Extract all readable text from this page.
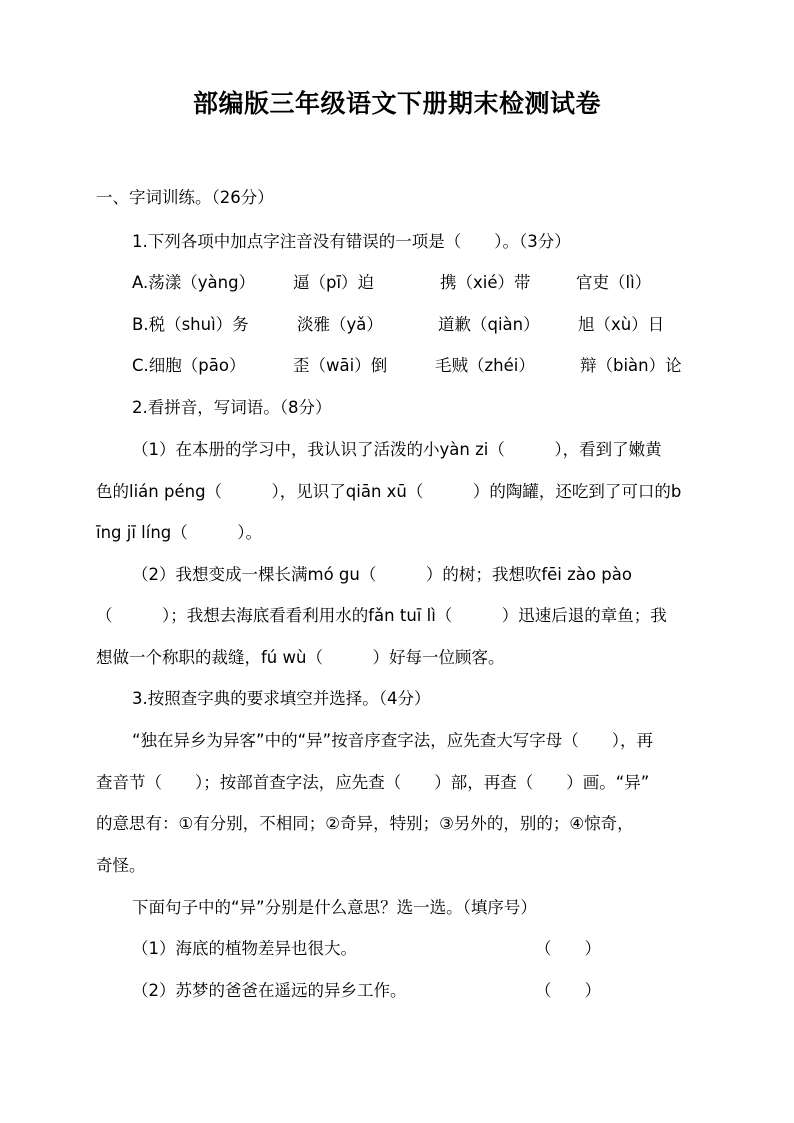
部编版三年级语文下册期末检测试卷
一、字词训练。（26分）
1.下列各项中加点字注音没有错误的一项是（　　）。（3分）
A.荡漾（yàng） 逼（pī）迫	携（xié）带	官吏（lì）
B.税（shuì）务	淡雅（yǎ）	道歉（qiàn） 旭（xù）日
C.细胞（pāo）	歪（wāi）倒	毛贼（zhéi）	辩（biàn）论
2.看拼音，写词语。（8分）
（1）在本册的学习中，我认识了活泼的小yàn zi（　　　），看到了嫩黄
色的lián péng（　　　），见识了qiān xū（　　　）的陶罐，还吃到了可口的b
īng jī líng（　　　）。
（2）我想变成一棵长满mó gu（　　　）的树；我想吹fēi zào pào
（　　　）；我想去海底看看利用水的fǎn tuī lì（　　　）迅速后退的章鱼；我
想做一个称职的裁缝，fú wù（　　　）好每一位顾客。
3.按照查字典的要求填空并选择。（4分）
“独在异乡为异客”中的“异”按音序查字法，应先查大写字母（　　），再
查音节（　　）；按部首查字法，应先查（　　）部，再查（　　）画。“异”
的意思有：①有分别，不相同；②奇异，特别；③另外的，别的；④惊奇，
奇怪。
下面句子中的“异”分别是什么意思？选一选。（填序号）
（1）海底的植物差异也很大。	（　　）
（2）苏梦的爸爸在遥远的异乡工作。	（　　）
